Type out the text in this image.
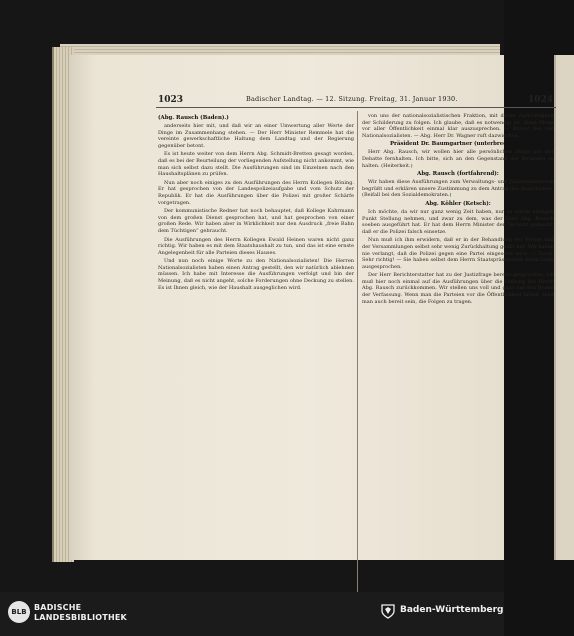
1023	Badischer Landtag. — 12. Sitzung. Freitag, 31. Januar 1930.	1024
(Abg. Rausch (Baden).)

anderseits hier mit, und daß wir an einer Umwertung aller Werte der Dinge im Zusammenhang stehen. — Der Herr Minister Remmele hat die vereinte gewerkschaftliche Haltung dem Landtag und der Regierung gegenüber betont.

Es ist heute weiter von dem Herrn Abg. Schmidt-Bretten gesagt worden, daß es bei der Beurteilung der vorliegenden Aufstellung nicht ankommt, wie man sich selbst dazu stellt. Die Ausführungen sind im Einzelnen nach den Haushaltsplänen zu prüfen.

Nun aber noch einiges zu den Ausführungen des Herrn Kollegen Böning. Er hat gesprochen von der Landespolizeiaufgabe und vom Schutz der Republik. Er hat die Ausführungen über die Polizei mit großer Schärfe vorgetragen.

Der kommunistische Redner hat noch behauptet, daß Kollege Kahrmann von dem großen Dienst gesprochen hat, und hat gesprochen von einer großen Rede. Wir haben aber in Wirklichkeit nur den Ausdruck „freie Bahn dem Tüchtigen“ gebraucht.

Die Ausführungen des Herrn Kollegen Ewald Heinen waren nicht ganz richtig. Wir haben es mit dem Staatshaushalt zu tun, und das ist eine ernste Angelegenheit für alle Parteien dieses Hauses.

Und nun noch einige Worte zu den Nationalsozialisten! Die Herren Nationalsozialisten haben einen Antrag gestellt, den wir natürlich ablehnen müssen. Ich habe mit Interesse die Ausführungen verfolgt und bin der Meinung, daß es nicht angeht, solche Forderungen ohne Deckung zu stellen. Es ist Ihnen gleich, wie der Haushalt ausgeglichen wird.

von uns der nationalsozialistischen Fraktion, mit dieser Aufrichtigkeit der Schilderung zu folgen. Ich glaube, daß es notwendig ist, diese Dinge vor aller Öffentlichkeit einmal klar auszusprechen. — Bravo! bei den Nationalsozialisten. — Abg. Herr Dr. Wagner ruft dazwischen.

Präsident Dr. Baumgartner (unterbrechend):

Herr Abg. Rausch, wir wollen hier alle persönlichen Dinge aus der Debatte fernhalten. Ich bitte, sich an den Gegenstand der Beratung zu halten. (Heiterkeit.)

Abg. Rausch (fortfahrend):

Wir haben diese Ausführungen zum Verwaltungs- und Justizministerium begrüßt und erklären unsere Zustimmung zu dem Antrag des Ausschusses. (Beifall bei den Sozialdemokraten.)

Abg. Köhler (Ketsch):

Ich möchte, da wir nur ganz wenig Zeit haben, nur zu einem einzigen Punkt Stellung nehmen, und zwar zu dem, was der Herr Abg. Rausch soeben ausgeführt hat. Er hat dem Herrn Minister den Vorwurf gemacht, daß er die Polizei falsch einsetze.

Nun muß ich ihm erwidern, daß er in der Behandlung der Presse und der Versammlungen selbst sehr wenig Zurückhaltung geübt hat. Wir haben nie verlangt, daß die Polizei gegen eine Partei eingesetzt wird. — Zuruf: Sehr richtig! — Sie haben selbst dem Herrn Staatspräsidenten Ihren Dank ausgesprochen.

Der Herr Berichterstatter hat zu der Justizfrage bereits gesprochen. Ich muß hier noch einmal auf die Ausführungen über die Haltung des Herrn Abg. Rausch zurückkommen. Wir stellen uns voll und ganz auf den Boden der Verfassung. Wenn man die Parteien vor die Öffentlichkeit bringt, muß man auch bereit sein, die Folgen zu tragen.

BLB BADISCHE
LANDESBIBLIOTHEK
Baden-Württemberg
